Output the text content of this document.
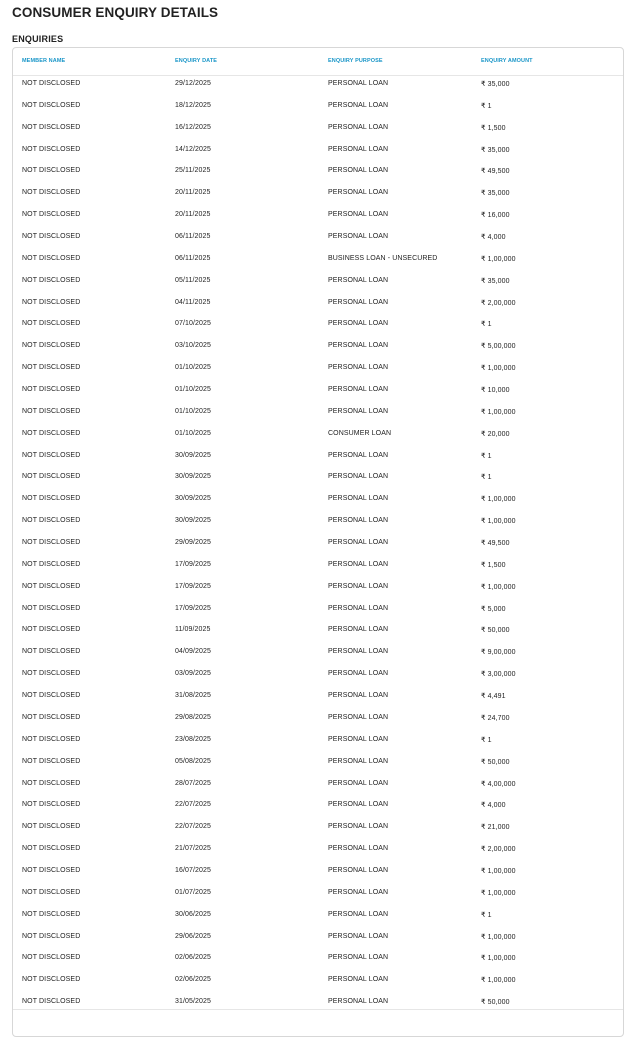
CONSUMER ENQUIRY DETAILS
ENQUIRIES
MEMBER NAME	ENQUIRY DATE	ENQUIRY PURPOSE	ENQUIRY AMOUNT
NOT DISCLOSED	29/12/2025	PERSONAL LOAN	₹ 35,000
NOT DISCLOSED	18/12/2025	PERSONAL LOAN	₹ 1
NOT DISCLOSED	16/12/2025	PERSONAL LOAN	₹ 1,500
NOT DISCLOSED	14/12/2025	PERSONAL LOAN	₹ 35,000
NOT DISCLOSED	25/11/2025	PERSONAL LOAN	₹ 49,500
NOT DISCLOSED	20/11/2025	PERSONAL LOAN	₹ 35,000
NOT DISCLOSED	20/11/2025	PERSONAL LOAN	₹ 16,000
NOT DISCLOSED	06/11/2025	PERSONAL LOAN	₹ 4,000
NOT DISCLOSED	06/11/2025	BUSINESS LOAN - UNSECURED	₹ 1,00,000
NOT DISCLOSED	05/11/2025	PERSONAL LOAN	₹ 35,000
NOT DISCLOSED	04/11/2025	PERSONAL LOAN	₹ 2,00,000
NOT DISCLOSED	07/10/2025	PERSONAL LOAN	₹ 1
NOT DISCLOSED	03/10/2025	PERSONAL LOAN	₹ 5,00,000
NOT DISCLOSED	01/10/2025	PERSONAL LOAN	₹ 1,00,000
NOT DISCLOSED	01/10/2025	PERSONAL LOAN	₹ 10,000
NOT DISCLOSED	01/10/2025	PERSONAL LOAN	₹ 1,00,000
NOT DISCLOSED	01/10/2025	CONSUMER LOAN	₹ 20,000
NOT DISCLOSED	30/09/2025	PERSONAL LOAN	₹ 1
NOT DISCLOSED	30/09/2025	PERSONAL LOAN	₹ 1
NOT DISCLOSED	30/09/2025	PERSONAL LOAN	₹ 1,00,000
NOT DISCLOSED	30/09/2025	PERSONAL LOAN	₹ 1,00,000
NOT DISCLOSED	29/09/2025	PERSONAL LOAN	₹ 49,500
NOT DISCLOSED	17/09/2025	PERSONAL LOAN	₹ 1,500
NOT DISCLOSED	17/09/2025	PERSONAL LOAN	₹ 1,00,000
NOT DISCLOSED	17/09/2025	PERSONAL LOAN	₹ 5,000
NOT DISCLOSED	11/09/2025	PERSONAL LOAN	₹ 50,000
NOT DISCLOSED	04/09/2025	PERSONAL LOAN	₹ 9,00,000
NOT DISCLOSED	03/09/2025	PERSONAL LOAN	₹ 3,00,000
NOT DISCLOSED	31/08/2025	PERSONAL LOAN	₹ 4,491
NOT DISCLOSED	29/08/2025	PERSONAL LOAN	₹ 24,700
NOT DISCLOSED	23/08/2025	PERSONAL LOAN	₹ 1
NOT DISCLOSED	05/08/2025	PERSONAL LOAN	₹ 50,000
NOT DISCLOSED	28/07/2025	PERSONAL LOAN	₹ 4,00,000
NOT DISCLOSED	22/07/2025	PERSONAL LOAN	₹ 4,000
NOT DISCLOSED	22/07/2025	PERSONAL LOAN	₹ 21,000
NOT DISCLOSED	21/07/2025	PERSONAL LOAN	₹ 2,00,000
NOT DISCLOSED	16/07/2025	PERSONAL LOAN	₹ 1,00,000
NOT DISCLOSED	01/07/2025	PERSONAL LOAN	₹ 1,00,000
NOT DISCLOSED	30/06/2025	PERSONAL LOAN	₹ 1
NOT DISCLOSED	29/06/2025	PERSONAL LOAN	₹ 1,00,000
NOT DISCLOSED	02/06/2025	PERSONAL LOAN	₹ 1,00,000
NOT DISCLOSED	02/06/2025	PERSONAL LOAN	₹ 1,00,000
NOT DISCLOSED	31/05/2025	PERSONAL LOAN	₹ 50,000
